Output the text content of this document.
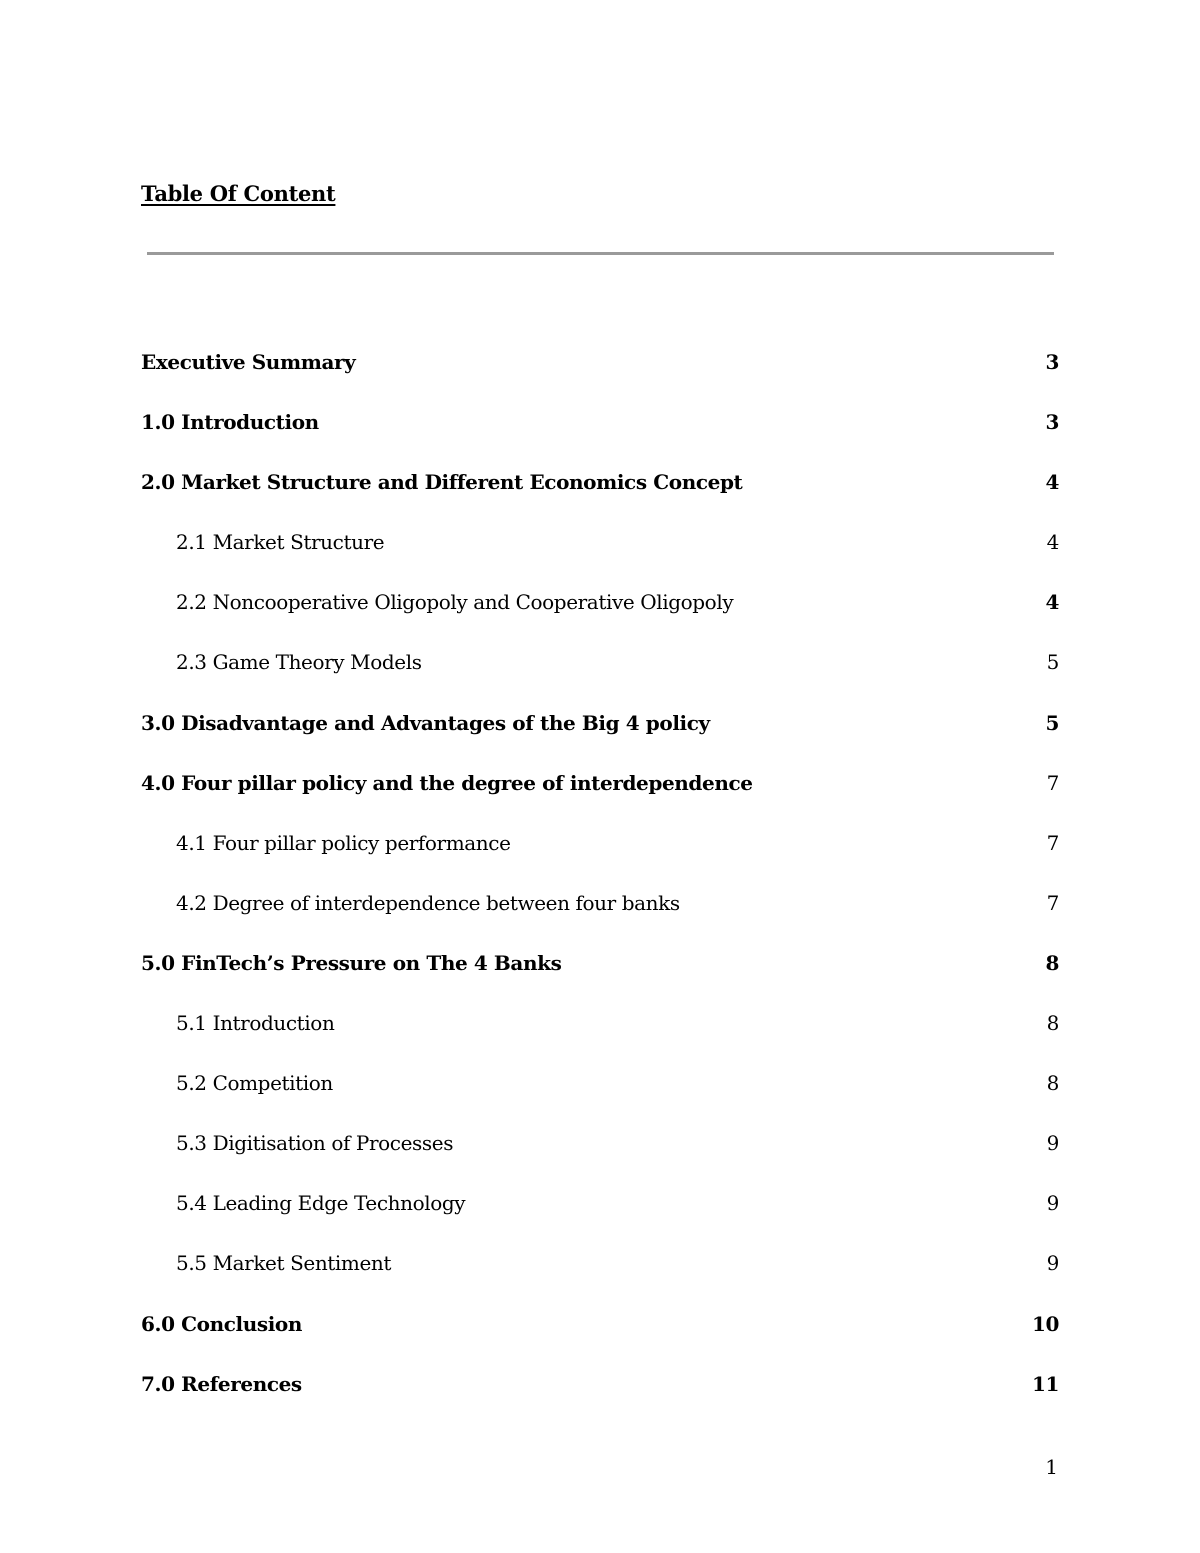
Table Of Content
Executive Summary	3
1.0 Introduction	3
2.0 Market Structure and Different Economics Concept	4
2.1 Market Structure	4
2.2 Noncooperative Oligopoly and Cooperative Oligopoly	4
2.3 Game Theory Models	5
3.0 Disadvantage and Advantages of the Big 4 policy	5
4.0 Four pillar policy and the degree of interdependence	7
4.1 Four pillar policy performance	7
4.2 Degree of interdependence between four banks	7
5.0 FinTech’s Pressure on The 4 Banks	8
5.1 Introduction	8
5.2 Competition	8
5.3 Digitisation of Processes	9
5.4 Leading Edge Technology	9
5.5 Market Sentiment	9
6.0 Conclusion	10
7.0 References	11
1
